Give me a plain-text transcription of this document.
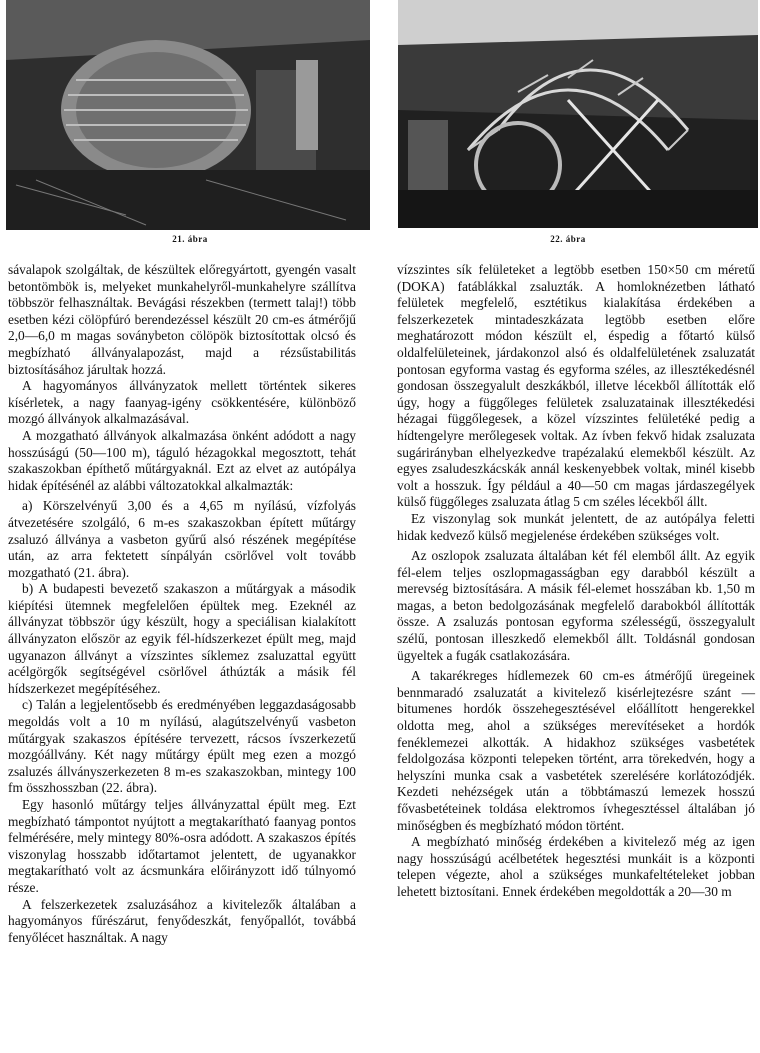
21. ábra	22. ábra

sávalapok szolgáltak, de készültek előregyártott, gyengén vasalt betontömbök is, melyeket munkahelyről-munkahelyre szállítva többször felhasználtak. Bevágási részekben (termett talaj!) több esetben kézi cölöpfúró berendezéssel készült 20 cm-es átmérőjű 2,0—6,0 m magas soványbeton cölöpök biztosítottak olcsó és megbízható állványalapozást, majd a rézsűstabilitás biztosításához járultak hozzá.

A hagyományos állványzatok mellett történtek sikeres kísérletek, a nagy faanyag-igény csökkentésére, különböző mozgó állványok alkalmazásával.

A mozgatható állványok alkalmazása önként adódott a nagy hosszúságú (50—100 m), táguló hézagokkal megosztott, tehát szakaszokban építhető műtárgyaknál. Ezt az elvet az autópálya hidak építésénél az alábbi változatokkal alkalmazták:

a) Körszelvényű 3,00 és a 4,65 m nyílású, vízfolyás átvezetésére szolgáló, 6 m-es szakaszokban épített műtárgy zsaluzó állványa a vasbeton gyűrű alsó részének megépítése után, az arra fektetett sínpályán csörlővel volt tovább mozgatható (21. ábra).

b) A budapesti bevezető szakaszon a műtárgyak a második kiépítési ütemnek megfelelően épültek meg. Ezeknél az állványzat többször úgy készült, hogy a speciálisan kialakított állványzaton először az egyik fél-hídszerkezet épült meg, majd ugyanazon állványt a vízszintes síklemez zsaluzattal együtt acélgörgők segítségével csörlővel áthúzták a másik fél hídszerkezet megépítéséhez.

c) Talán a legjelentősebb és eredményében leggazdaságosabb megoldás volt a 10 m nyílású, alagútszelvényű vasbeton műtárgyak szakaszos építésére tervezett, rácsos ívszerkezetű mozgóállvány. Két nagy műtárgy épült meg ezen a mozgó zsaluzés állványszerkezeten 8 m-es szakaszokban, mintegy 100 fm összhosszban (22. ábra).

Egy hasonló műtárgy teljes állványzattal épült meg. Ezt megbízható támpontot nyújtott a megtakarítható faanyag pontos felmérésére, mely mintegy 80%-osra adódott. A szakaszos építés viszonylag hosszabb időtartamot jelentett, de ugyanakkor megtakarítható volt az ácsmunkára előirányzott idő túlnyomó része.

A felszerkezetek zsaluzásához a kivitelezők általában a hagyományos fűrészárut, fenyődeszkát, fenyőpallót, továbbá fenyőlécet használtak. A nagy

vízszintes sík felületeket a legtöbb esetben 150×50 cm méretű (DOKA) fatáblákkal zsaluzták. A homloknézetben látható felületek megfelelő, esztétikus kialakítása érdekében a felszerkezetek mintadeszkázata legtöbb esetben előre meghatározott módon készült el, éspedig a főtartó külső oldalfelületeinek, járdakonzol alsó és oldalfelületének zsaluzatát pontosan egyforma vastag és egyforma széles, az illesztékedésnél gondosan összegyalult deszkákból, illetve lécekből állították elő úgy, hogy a függőleges felületek zsaluzatainak illesztékedési hézagai függőlegesek, a közel vízszintes felületéké pedig a hídtengelyre merőlegesek voltak. Az ívben fekvő hidak zsaluzata sugárirányban elhelyezkedve trapézalakú elemekből készült. Az egyes zsaludeszkácskák annál keskenyebbek voltak, minél kisebb volt a hosszuk. Így például a 40—50 cm magas járdaszegélyek külső függőleges zsaluzata átlag 5 cm széles lécekből állt.

Ez viszonylag sok munkát jelentett, de az autópálya feletti hidak kedvező külső megjelenése érdekében szükséges volt.

Az oszlopok zsaluzata általában két fél elemből állt. Az egyik fél-elem teljes oszlopmagasságban egy darabból készült a merevség biztosítására. A másik fél-elemet hosszában kb. 1,50 m magas, a beton bedolgozásának megfelelő darabokból állították össze. A zsaluzás pontosan egyforma szélességű, összegyalult szélű, pontosan illeszkedő elemekből állt. Toldásnál gondosan ügyeltek a fugák csatlakozására.

A takarékreges hídlemezek 60 cm-es átmérőjű üregeinek bennmaradó zsaluzatát a kivitelező kisérlejtezésre szánt — bitumenes hordók összehegesztésével előállított hengerekkel oldotta meg, ahol a szükséges merevítéseket a hordók fenéklemezei alkották. A hidakhoz szükséges vasbetétek feldolgozása központi telepeken történt, arra törekedvén, hogy a helyszíni munka csak a vasbetétek szerelésére korlátozódjék. Kezdeti nehézségek után a többtámaszú lemezek hosszú fővasbetéteinek toldása elektromos ívhegesztéssel általában jó minőségben és megbízható módon történt.

A megbízható minőség érdekében a kivitelező még az igen nagy hosszúságú acélbetétek hegesztési munkáit is a központi telepen végezte, ahol a szükséges munkafeltételeket jobban lehetett biztosítani. Ennek érdekében megoldották a 20—30 m
